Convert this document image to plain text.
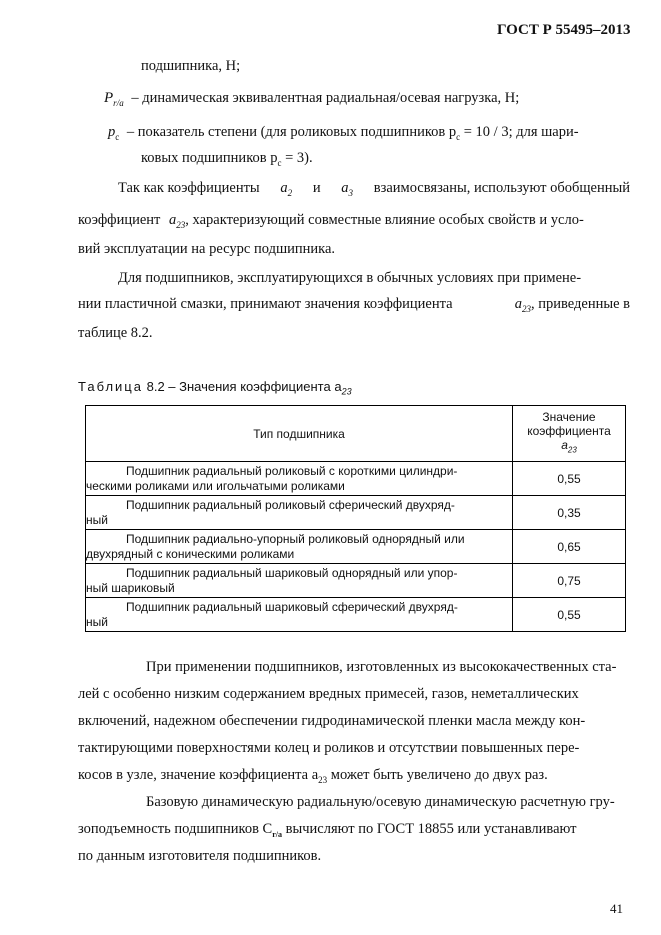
ГОСТ Р 55495–2013
подшипника, Н;
$P_{r/a}$ – динамическая эквивалентная радиальная/осевая нагрузка, Н;
$p_c$ – показатель степени (для роликовых подшипников $p_c = 10 / 3$; для шари-
ковых подшипников $p_c = 3$).
Так как коэффициенты $a_2$ и $a_3$ взаимосвязаны, используют обобщенный
коэффициент $a_{23}$, характеризующий совместные влияние особых свойств и усло-
вий эксплуатации на ресурс подшипника.
Для подшипников, эксплуатирующихся в обычных условиях при примене-
нии пластичной смазки, принимают значения коэффициента	$a_{23}$, приведенные в
таблице 8.2.
Таблица 8.2 – Значения коэффициента $a_{23}$
Тип подшипника	Значение
коэффициента
$a_{23}$

Подшипник радиальный роликовый с короткими цилиндри-
ческими роликами или игольчатыми роликами	0,55

Подшипник радиальный роликовый сферический двухряд-
ный	0,35

Подшипник радиально-упорный роликовый однорядный или
двухрядный с коническими роликами	0,65

Подшипник радиальный шариковый однорядный или упор-
ный шариковый	0,75

Подшипник радиальный шариковый сферический двухряд-
ный	0,55
При применении подшипников, изготовленных из высококачественных ста-
лей с особенно низким содержанием вредных примесей, газов, неметаллических
включений, надежном обеспечении гидродинамической пленки масла между кон-
тактирующими поверхностями колец и роликов и отсутствии повышенных пере-
косов в узле, значение коэффициента $a_{23}$ может быть увеличено до двух раз.
Базовую динамическую радиальную/осевую динамическую расчетную гру-
зоподъемность подшипников $C_{r/a}$ вычисляют по ГОСТ 18855 или устанавливают
по данным изготовителя подшипников.
41
